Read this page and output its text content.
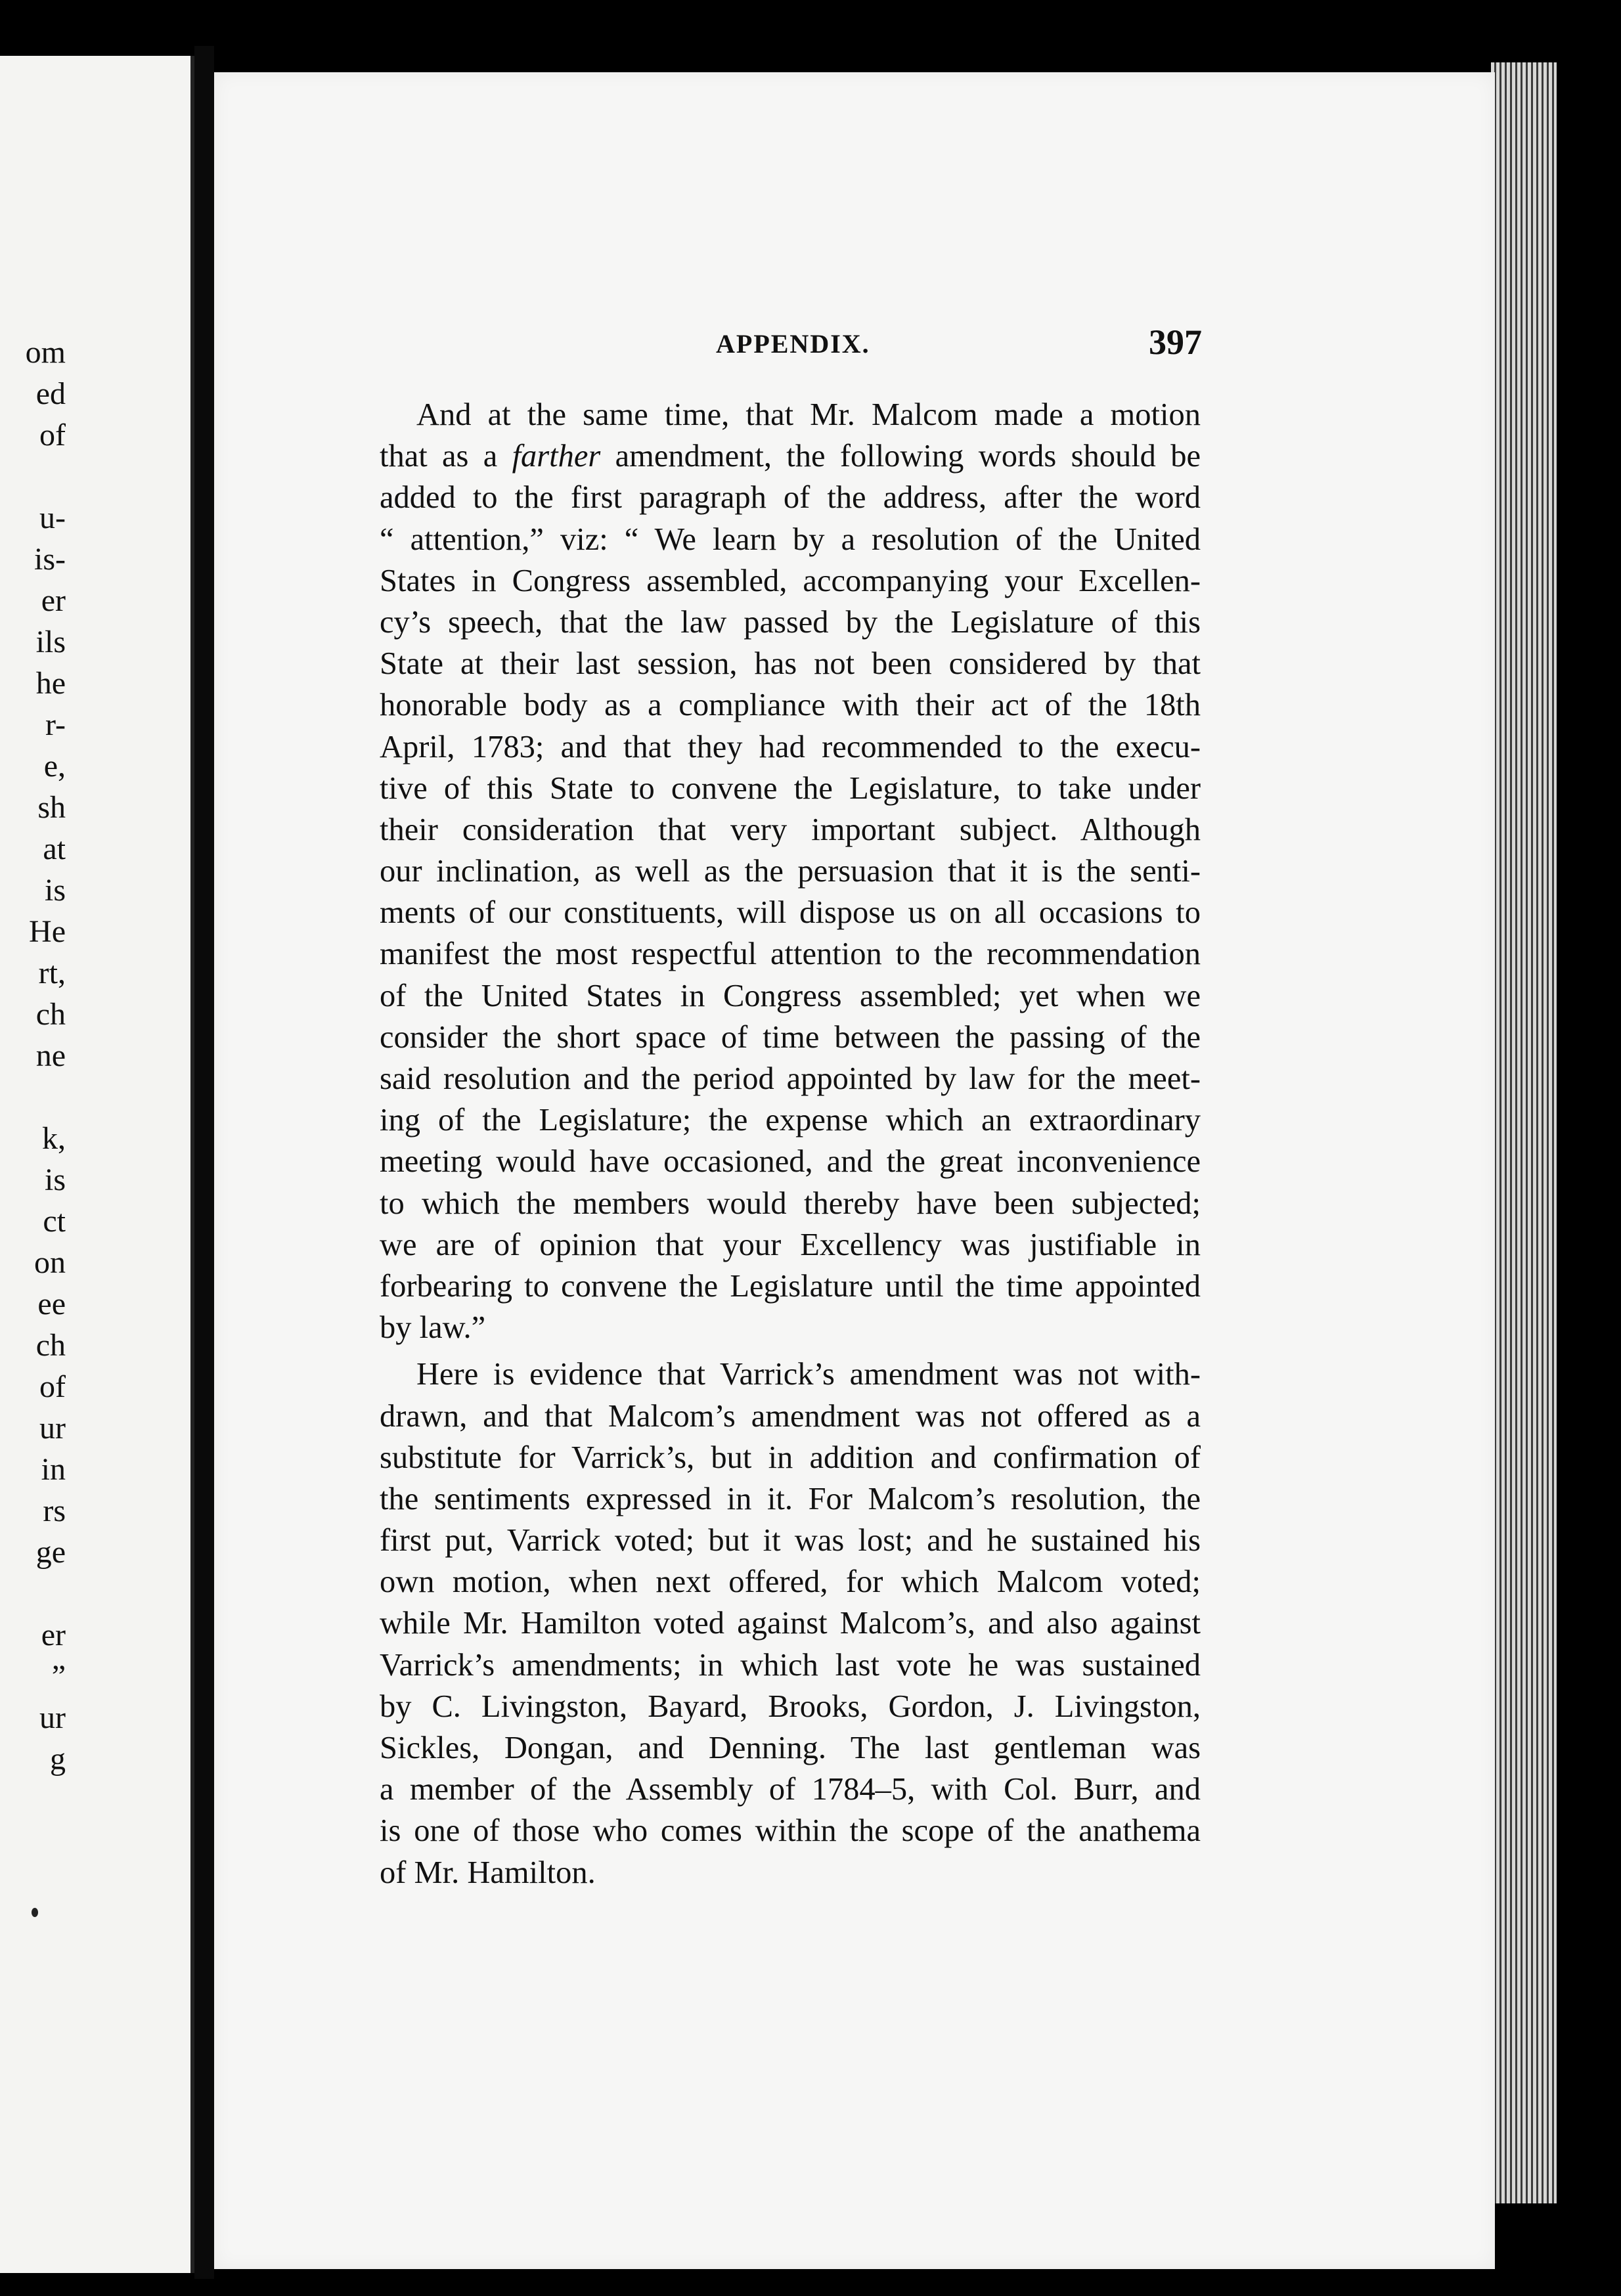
om
ed
of
u-
is-
er
ils
he
r-
e,
sh
at
is
He
rt,
ch
ne
k,
is
ct
on
ee
ch
of
ur
in
rs
ge
er
”
ur
g
APPENDIX.	397
And at the same time, that Mr. Malcom made a motion
that as a farther amendment, the following words should be
added to the first paragraph of the address, after the word
“ attention,” viz: “ We learn by a resolution of the United
States in Congress assembled, accompanying your Excellen-
cy’s speech, that the law passed by the Legislature of this
State at their last session, has not been considered by that
honorable body as a compliance with their act of the 18th
April, 1783; and that they had recommended to the execu-
tive of this State to convene the Legislature, to take under
their consideration that very important subject. Although
our inclination, as well as the persuasion that it is the senti-
ments of our constituents, will dispose us on all occasions to
manifest the most respectful attention to the recommendation
of the United States in Congress assembled; yet when we
consider the short space of time between the passing of the
said resolution and the period appointed by law for the meet-
ing of the Legislature; the expense which an extraordinary
meeting would have occasioned, and the great inconvenience
to which the members would thereby have been subjected;
we are of opinion that your Excellency was justifiable in
forbearing to convene the Legislature until the time appointed
by law.”
Here is evidence that Varrick’s amendment was not with-
drawn, and that Malcom’s amendment was not offered as a
substitute for Varrick’s, but in addition and confirmation of
the sentiments expressed in it. For Malcom’s resolution, the
first put, Varrick voted; but it was lost; and he sustained his
own motion, when next offered, for which Malcom voted;
while Mr. Hamilton voted against Malcom’s, and also against
Varrick’s amendments; in which last vote he was sustained
by C. Livingston, Bayard, Brooks, Gordon, J. Livingston,
Sickles, Dongan, and Denning. The last gentleman was
a member of the Assembly of 1784–5, with Col. Burr, and
is one of those who comes within the scope of the anathema
of Mr. Hamilton.
